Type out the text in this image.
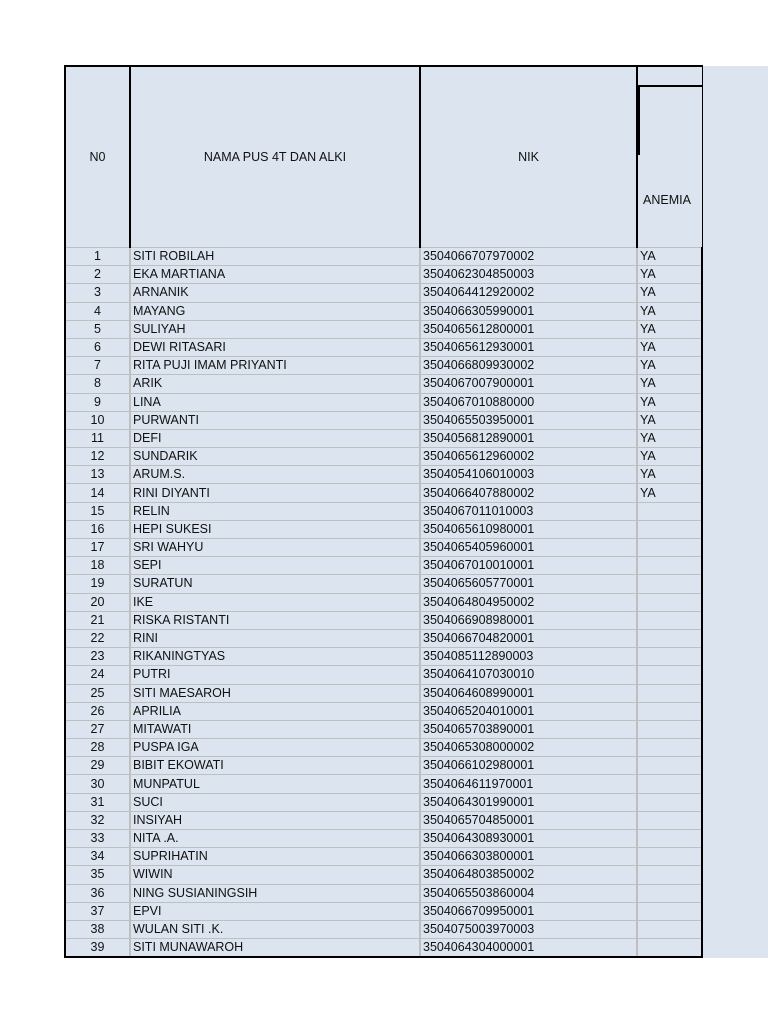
N0	NAMA PUS 4T DAN ALKI	NIK	ANEMIA

1	SITI ROBILAH	3504066707970002	YA
2	EKA MARTIANA	3504062304850003	YA
3	ARNANIK	3504064412920002	YA
4	MAYANG	3504066305990001	YA
5	SULIYAH	3504065612800001	YA
6	DEWI RITASARI	3504065612930001	YA
7	RITA PUJI IMAM PRIYANTI	3504066809930002	YA
8	ARIK	3504067007900001	YA
9	LINA	3504067010880000	YA
10	PURWANTI	3504065503950001	YA
11	DEFI	3504056812890001	YA
12	SUNDARIK	3504065612960002	YA
13	ARUM.S.	3504054106010003	YA
14	RINI DIYANTI	3504066407880002	YA
15	RELIN	3504067011010003	
16	HEPI SUKESI	3504065610980001	
17	SRI WAHYU	3504065405960001	
18	SEPI	3504067010010001	
19	SURATUN	3504065605770001	
20	IKE	3504064804950002	
21	RISKA RISTANTI	3504066908980001	
22	RINI	3504066704820001	
23	RIKANINGTYAS	3504085112890003	
24	PUTRI	3504064107030010	
25	SITI MAESAROH	3504064608990001	
26	APRILIA	3504065204010001	
27	MITAWATI	3504065703890001	
28	PUSPA IGA	3504065308000002	
29	BIBIT EKOWATI	3504066102980001	
30	MUNPATUL	3504064611970001	
31	SUCI	3504064301990001	
32	INSIYAH	3504065704850001	
33	NITA .A.	3504064308930001	
34	SUPRIHATIN	3504066303800001	
35	WIWIN	3504064803850002	
36	NING SUSIANINGSIH	3504065503860004	
37	EPVI	3504066709950001	
38	WULAN SITI .K.	3504075003970003	
39	SITI MUNAWAROH	3504064304000001	
